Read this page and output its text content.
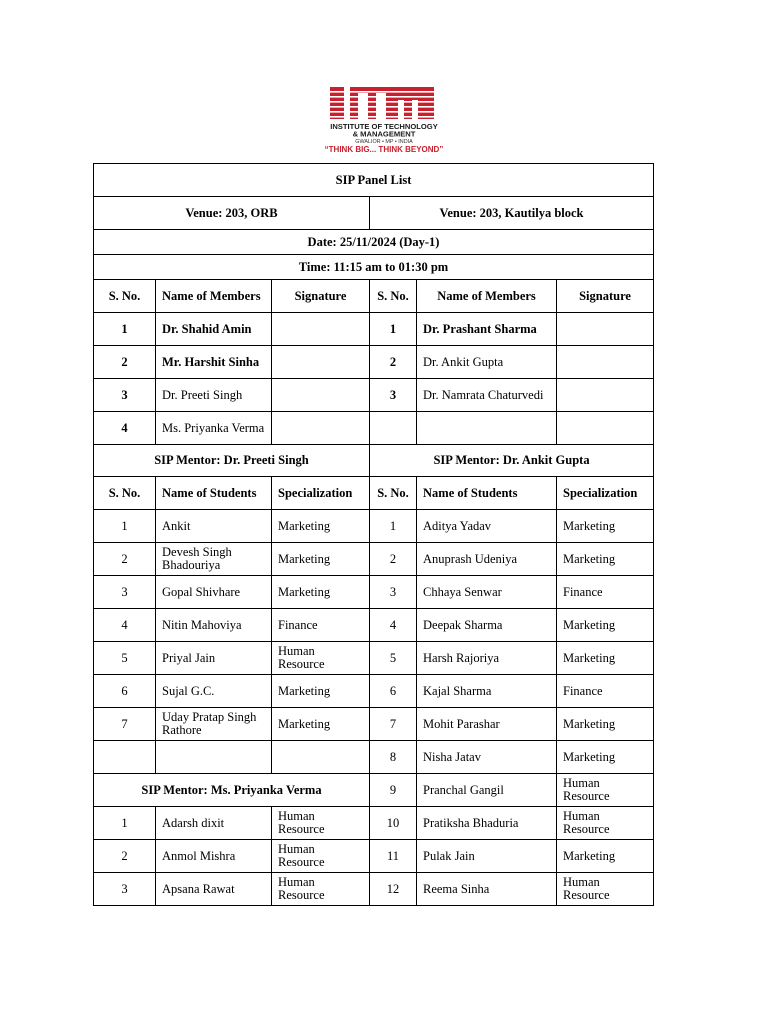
INSTITUTE OF TECHNOLOGY
& MANAGEMENT
GWALIOR • MP • INDIA
“THINK BIG... THINK BEYOND”
SIP Panel List					
Venue: 203, ORB			Venue: 203, Kautilya block		
Date: 25/11/2024 (Day-1)					
Time: 11:15 am to 01:30 pm					
S. No.	Name of Members	Signature	S. No.	Name of Members	Signature
1	Dr. Shahid Amin		1	Dr. Prashant Sharma	
2	Mr. Harshit Sinha		2	Dr. Ankit Gupta	
3	Dr. Preeti Singh		3	Dr. Namrata Chaturvedi	
4	Ms. Priyanka Verma				
SIP Mentor: Dr. Preeti Singh			SIP Mentor: Dr. Ankit Gupta		
S. No.	Name of Students	Specialization	S. No.	Name of Students	Specialization
1	Ankit	Marketing	1	Aditya Yadav	Marketing
2	Devesh Singh Bhadouriya	Marketing	2	Anuprash Udeniya	Marketing
3	Gopal Shivhare	Marketing	3	Chhaya Senwar	Finance
4	Nitin Mahoviya	Finance	4	Deepak Sharma	Marketing
5	Priyal Jain	Human Resource	5	Harsh Rajoriya	Marketing
6	Sujal G.C.	Marketing	6	Kajal Sharma	Finance
7	Uday Pratap Singh Rathore	Marketing	7	Mohit Parashar	Marketing
			8	Nisha Jatav	Marketing
SIP Mentor: Ms. Priyanka Verma			9	Pranchal Gangil	Human Resource
1	Adarsh dixit	Human Resource	10	Pratiksha Bhaduria	Human Resource
2	Anmol Mishra	Human Resource	11	Pulak Jain	Marketing
3	Apsana Rawat	Human Resource	12	Reema Sinha	Human Resource
